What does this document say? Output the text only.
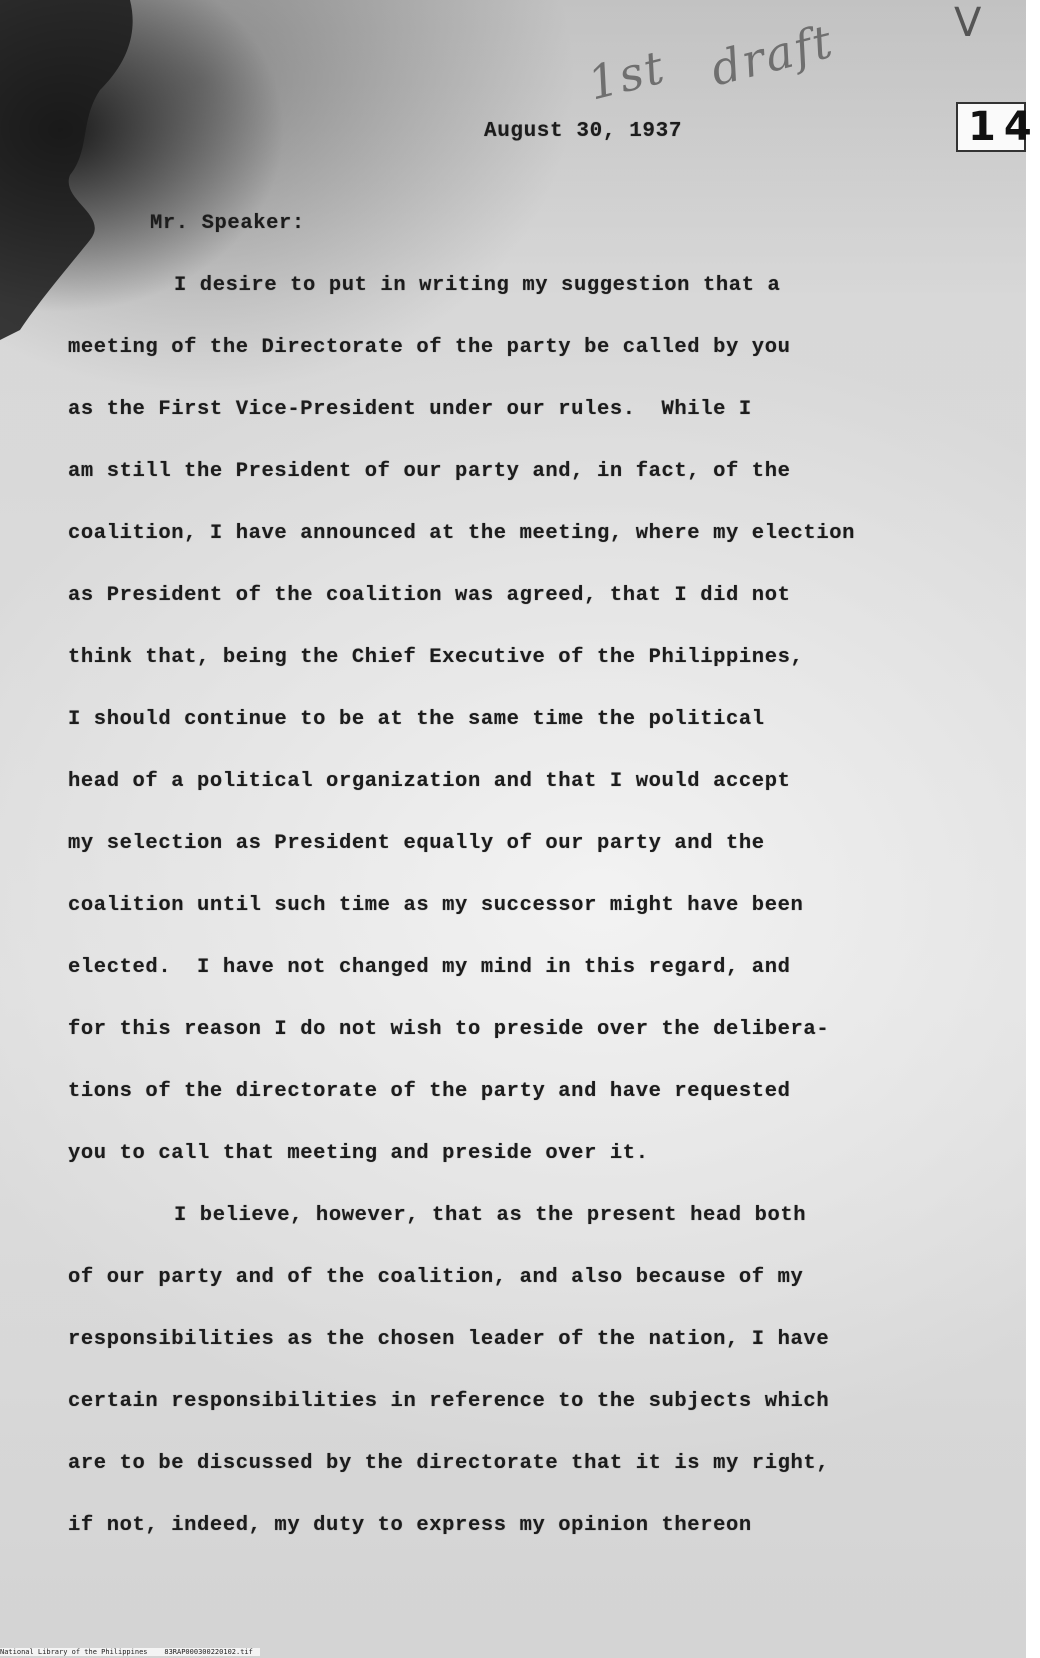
1st draft	V
14
August 30, 1937
Mr. Speaker:
I desire to put in writing my suggestion that a
meeting of the Directorate of the party be called by you
as the First Vice-President under our rules.  While I
am still the President of our party and, in fact, of the
coalition, I have announced at the meeting, where my election
as President of the coalition was agreed, that I did not
think that, being the Chief Executive of the Philippines,
I should continue to be at the same time the political
head of a political organization and that I would accept
my selection as President equally of our party and the
coalition until such time as my successor might have been
elected.  I have not changed my mind in this regard, and
for this reason I do not wish to preside over the delibera-
tions of the directorate of the party and have requested
you to call that meeting and preside over it.
I believe, however, that as the present head both
of our party and of the coalition, and also because of my
responsibilities as the chosen leader of the nation, I have
certain responsibilities in reference to the subjects which
are to be discussed by the directorate that it is my right,
if not, indeed, my duty to express my opinion thereon
National Library of the Philippines    83RAP000300220102.tif
